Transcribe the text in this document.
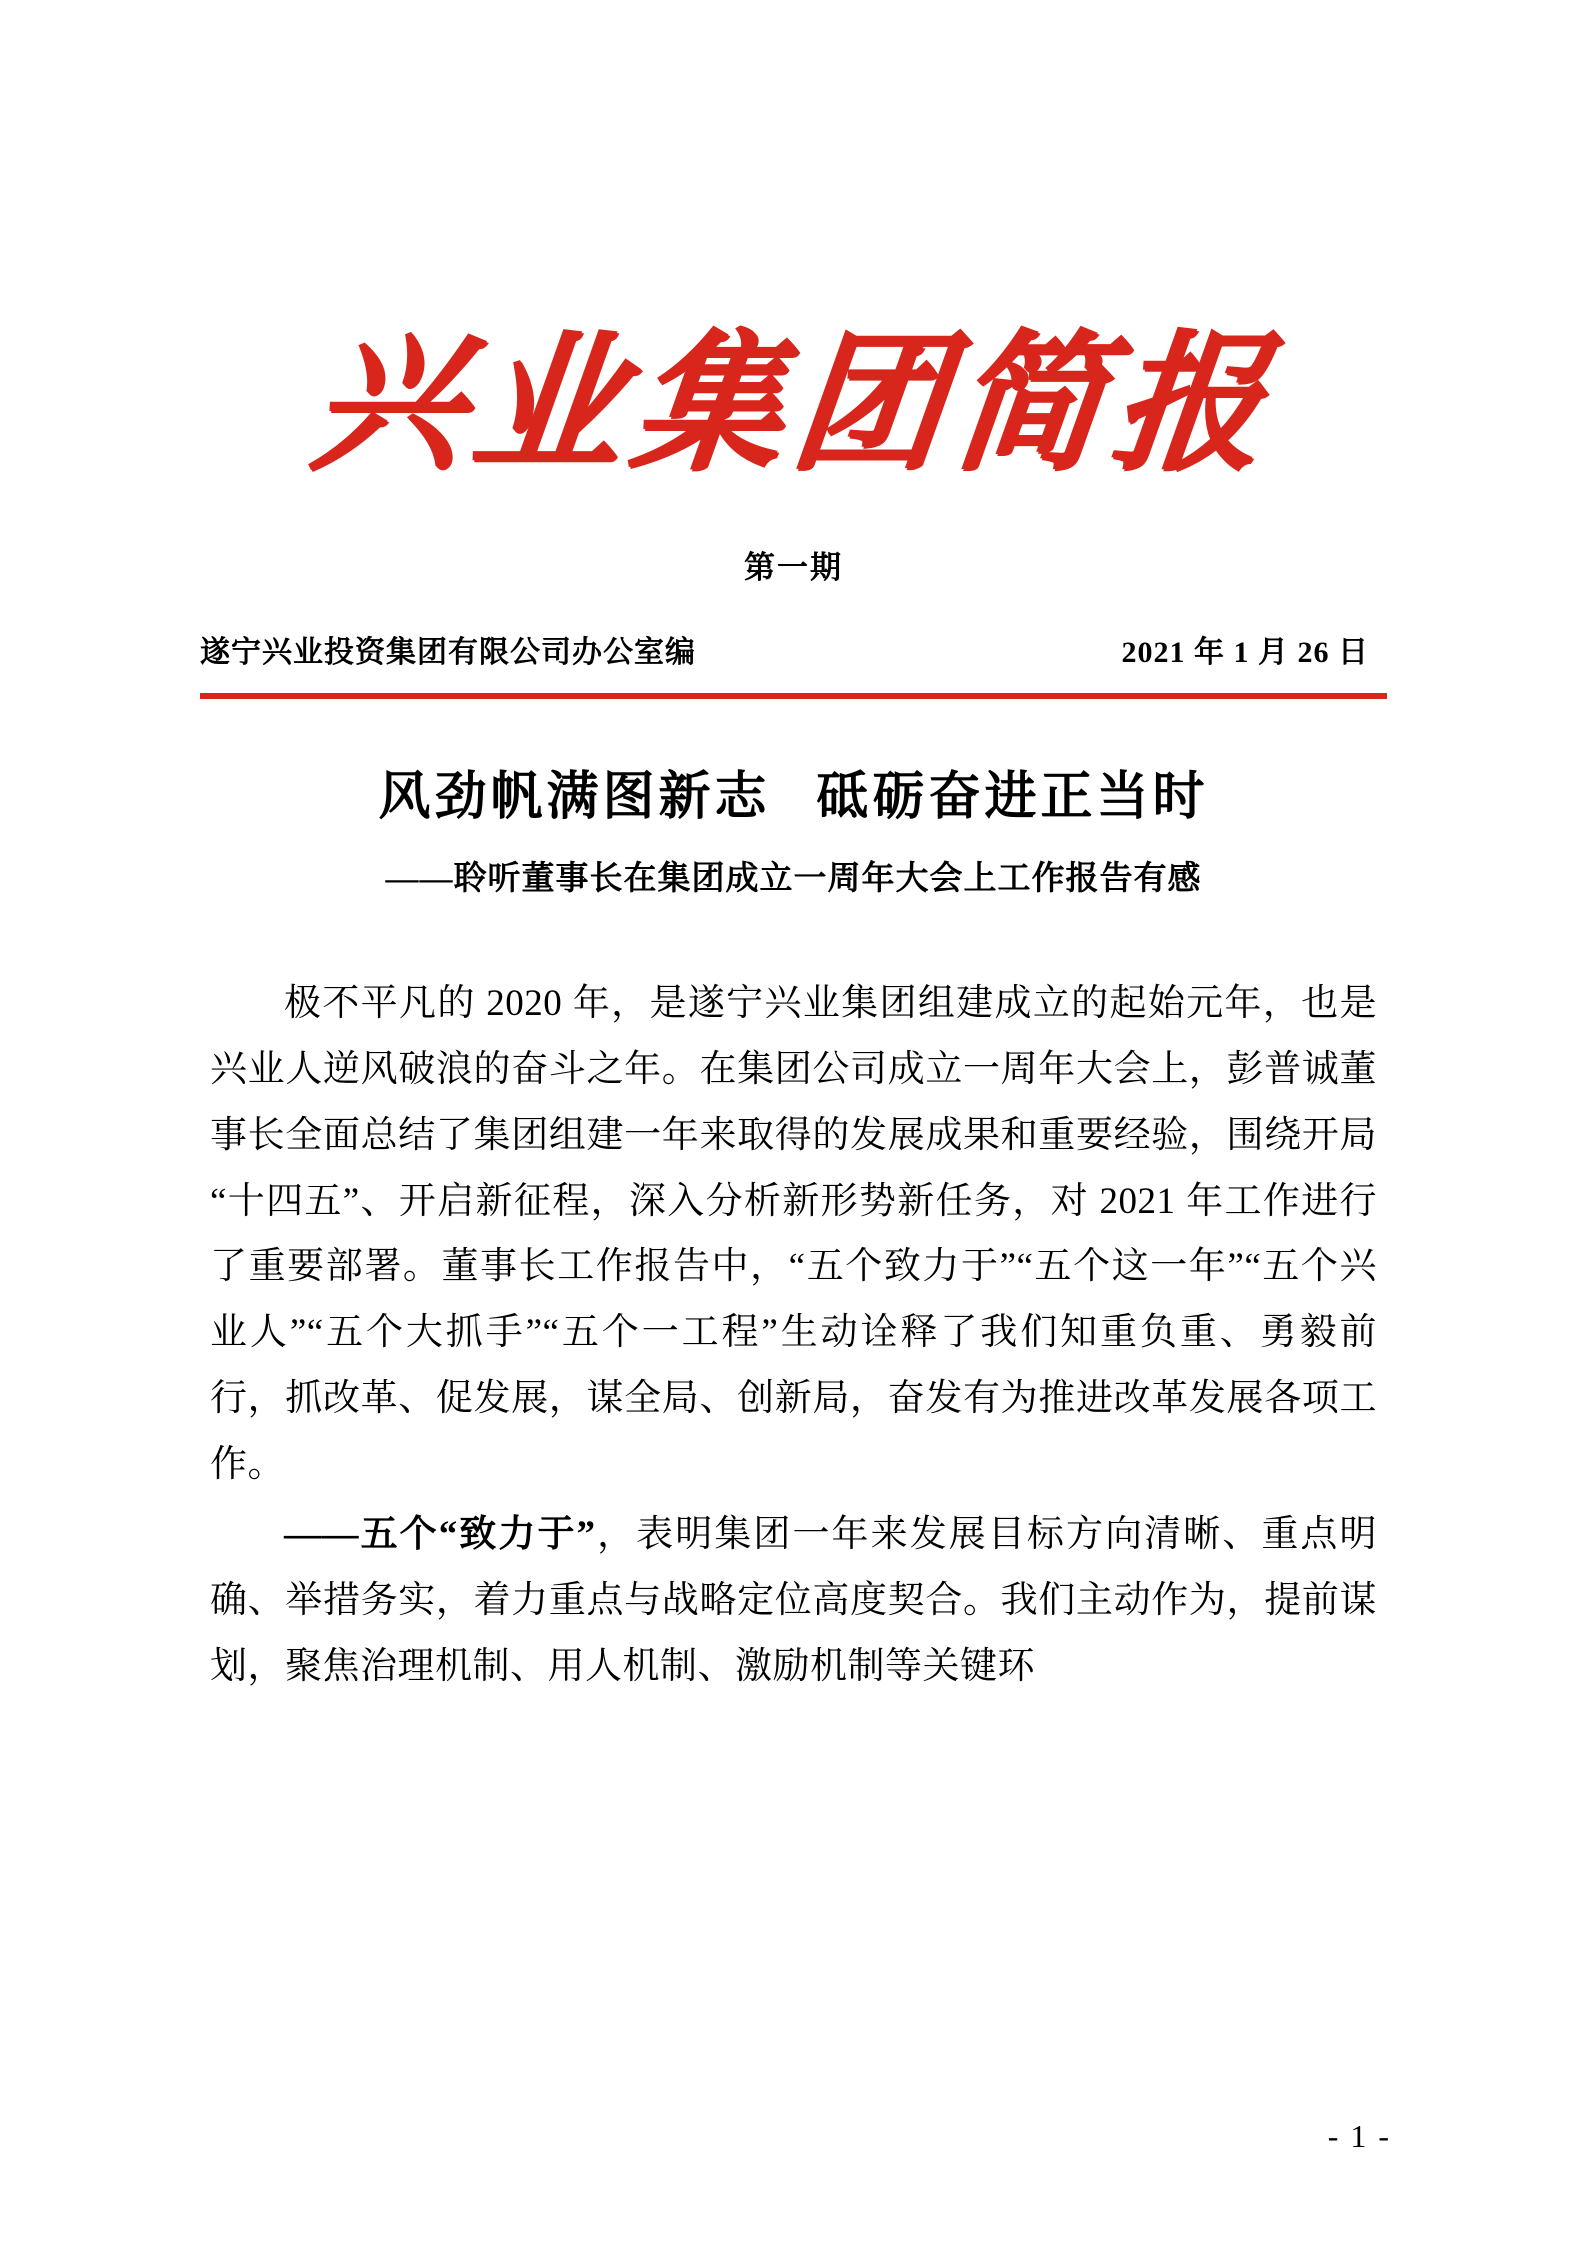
兴业集团简报
第一期
遂宁兴业投资集团有限公司办公室编	2021 年 1 月 26 日
风劲帆满图新志 砥砺奋进正当时
——聆听董事长在集团成立一周年大会上工作报告有感

极不平凡的 2020 年，是遂宁兴业集团组建成立的起始元年，也是兴业人逆风破浪的奋斗之年。在集团公司成立一周年大会上，彭普诚董事长全面总结了集团组建一年来取得的发展成果和重要经验，围绕开局“十四五”、开启新征程，深入分析新形势新任务，对 2021 年工作进行了重要部署。董事长工作报告中，“五个致力于”“五个这一年”“五个兴业人”“五个大抓手”“五个一工程”生动诠释了我们知重负重、勇毅前行，抓改革、促发展，谋全局、创新局，奋发有为推进改革发展各项工作。

——五个“致力于”，表明集团一年来发展目标方向清晰、重点明确、举措务实，着力重点与战略定位高度契合。我们主动作为，提前谋划，聚焦治理机制、用人机制、激励机制等关键环

- 1 -
